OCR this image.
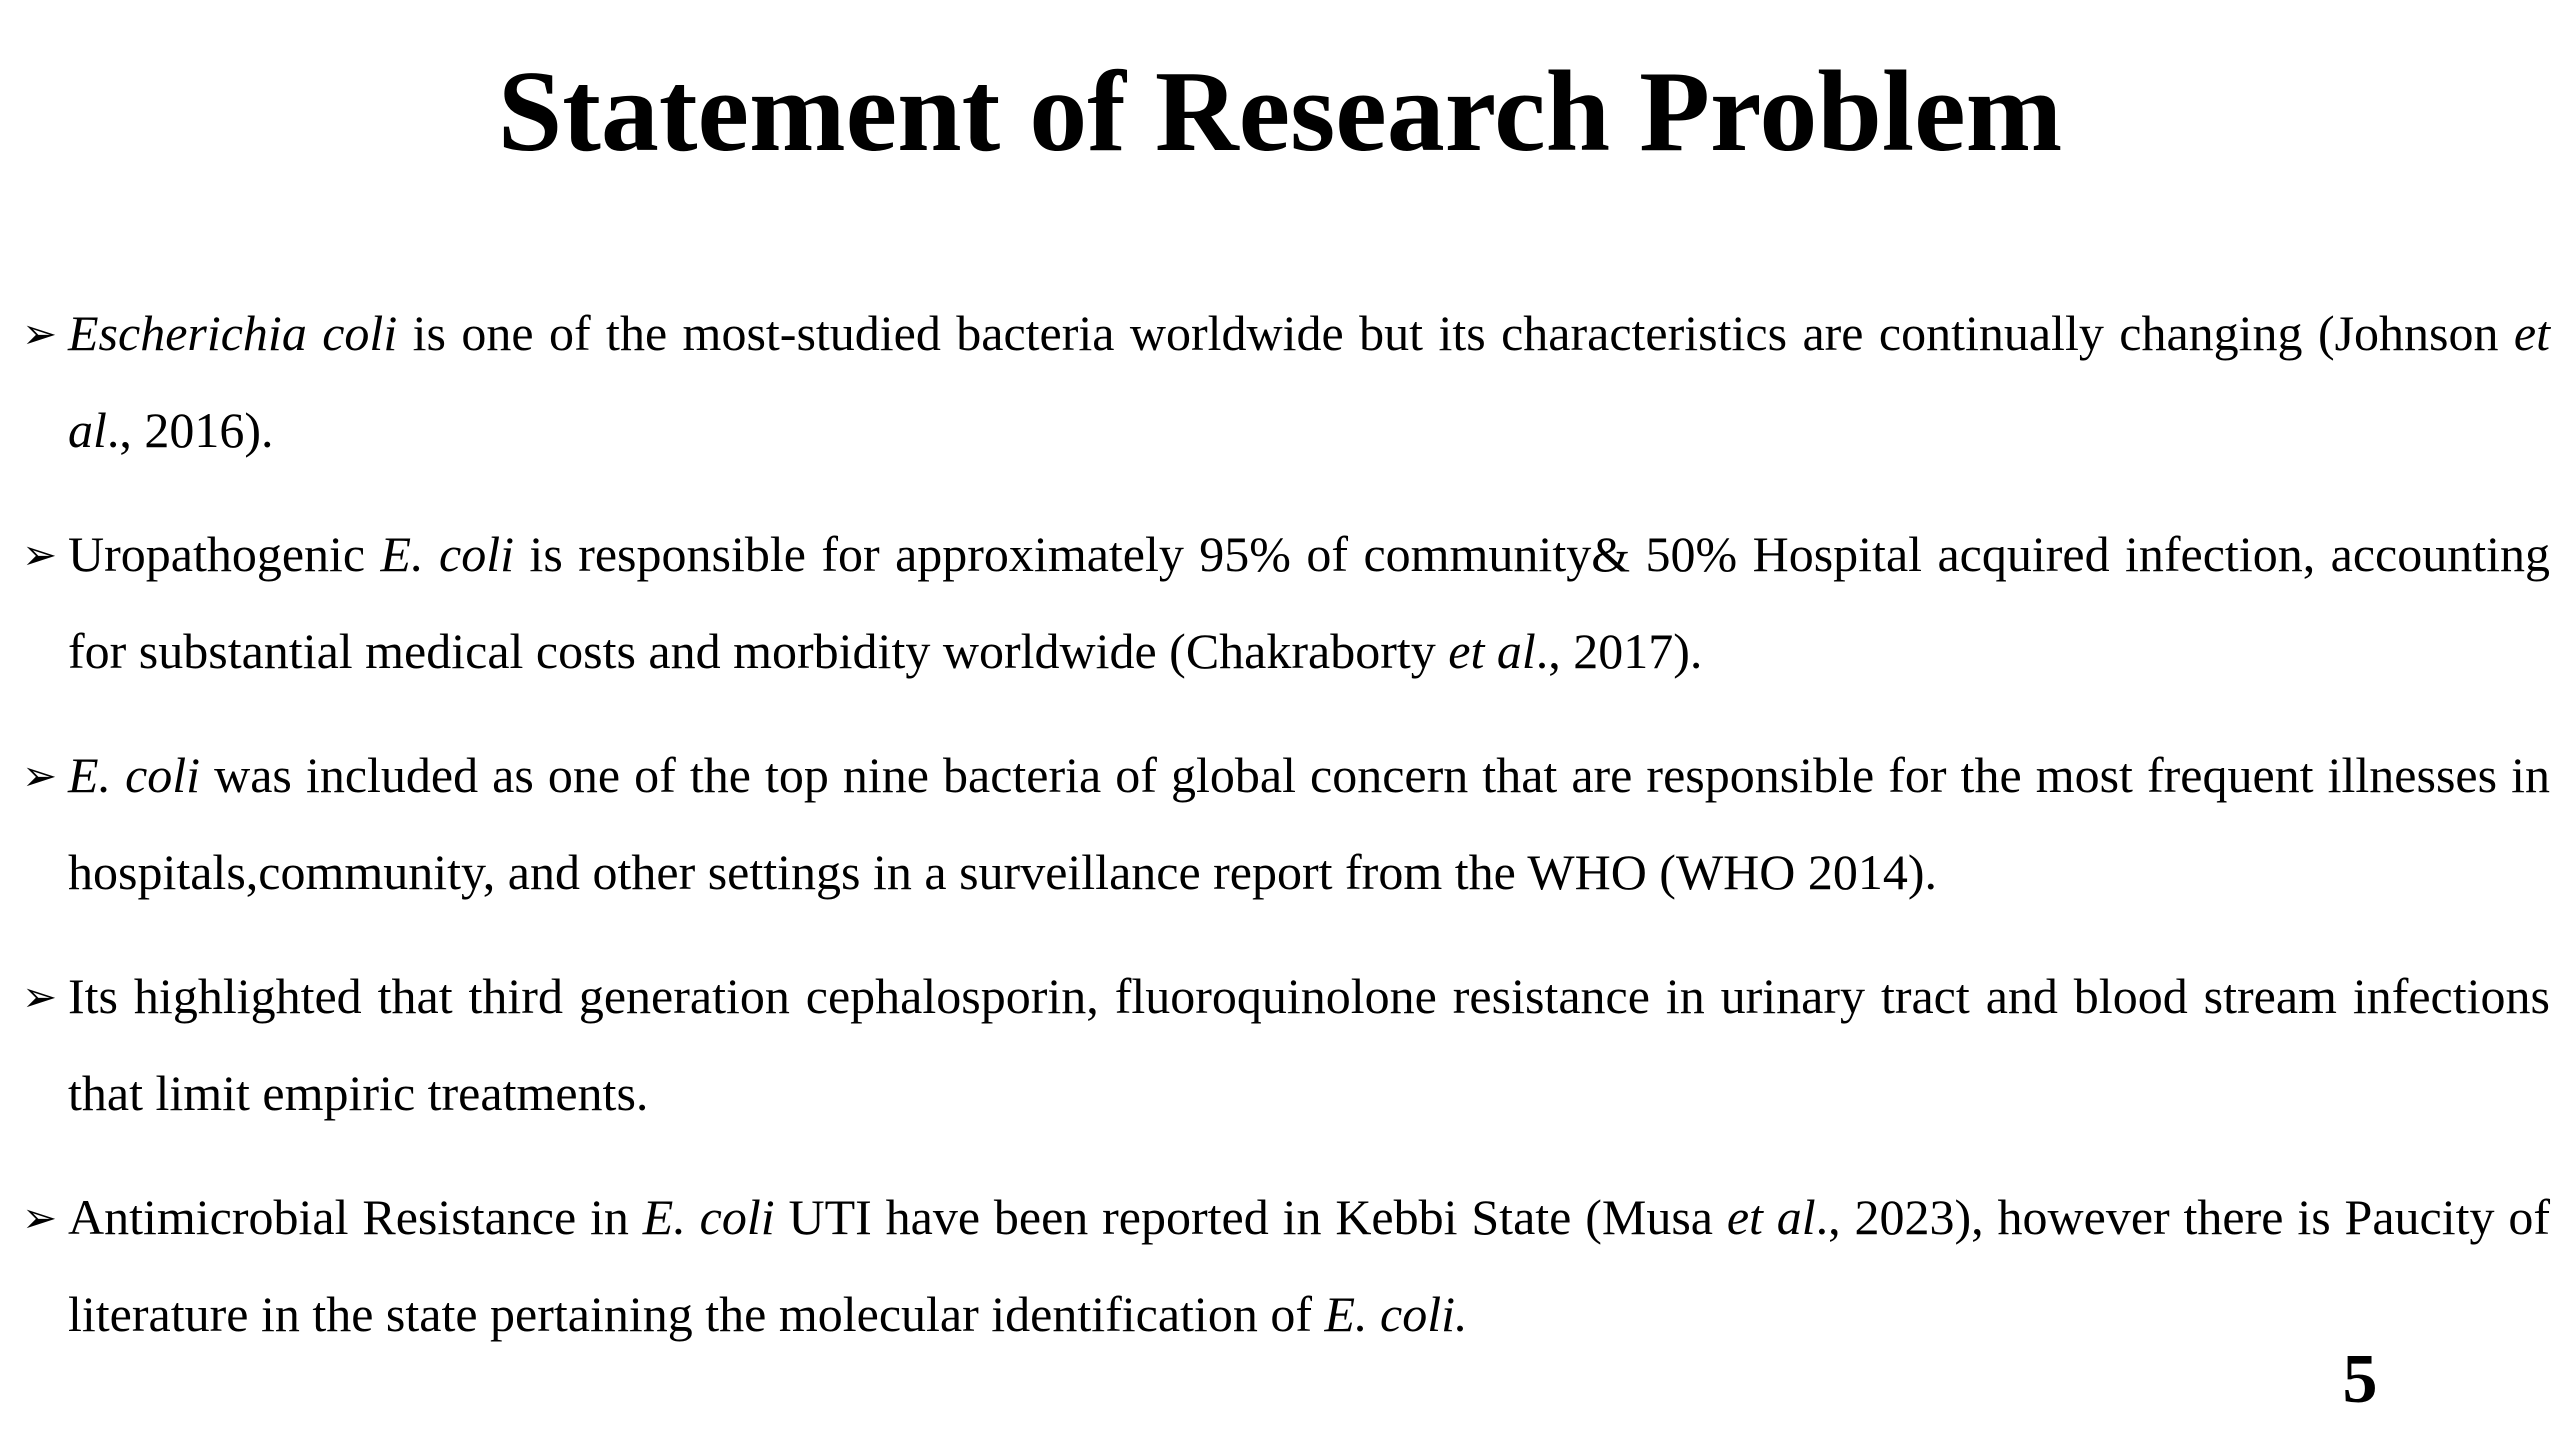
Statement of Research Problem
➢ Escherichia coli is one of the most-studied bacteria worldwide but its characteristics are continually changing (Johnson et al., 2016).
➢ Uropathogenic E. coli is responsible for approximately 95% of community& 50% Hospital acquired infection, accounting for substantial medical costs and morbidity worldwide (Chakraborty et al., 2017).
➢ E. coli was included as one of the top nine bacteria of global concern that are responsible for the most frequent illnesses in hospitals,community, and other settings in a surveillance report from the WHO (WHO 2014).
➢ Its highlighted that third generation cephalosporin, fluoroquinolone resistance in urinary tract and blood stream infections that limit empiric treatments.
➢ Antimicrobial Resistance in E. coli UTI have been reported in Kebbi State (Musa et al., 2023), however there is Paucity of literature in the state pertaining the molecular identification of E. coli.
5
